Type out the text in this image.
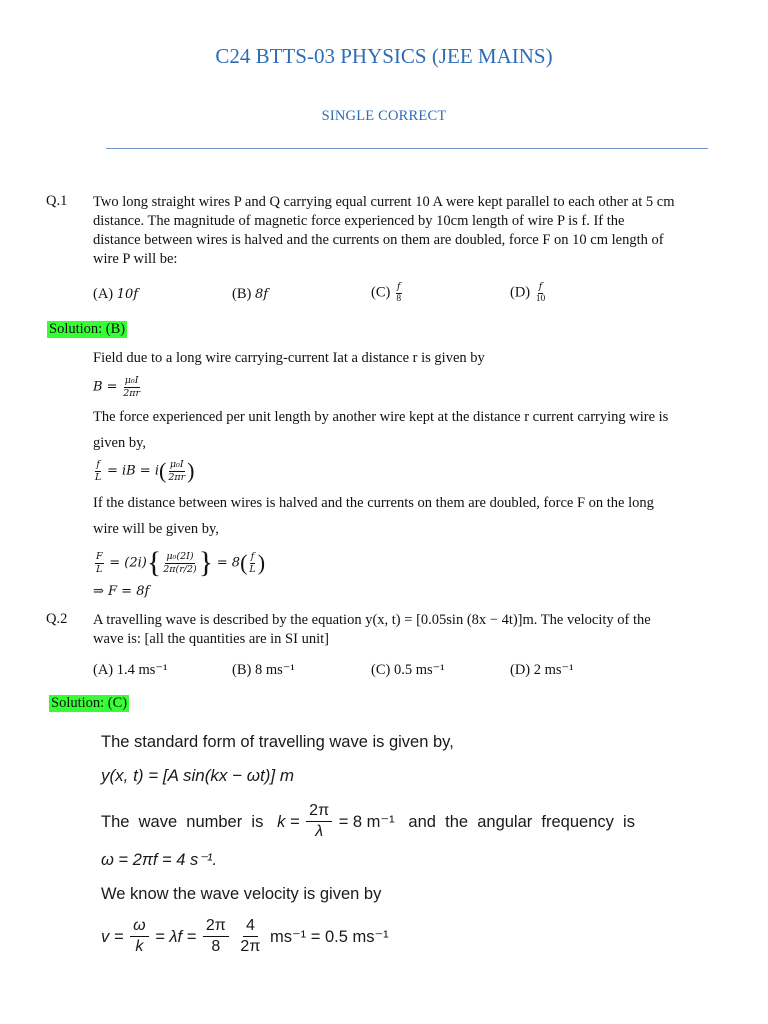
C24 BTTS-03 PHYSICS (JEE MAINS)
SINGLE CORRECT
Q.1 Two long straight wires P and Q carrying equal current 10 A were kept parallel to each other at 5 cm
distance. The magnitude of magnetic force experienced by 10cm length of wire P is f. If the
distance between wires is halved and the currents on them are doubled, force F on 10 cm length of
wire P will be:
(A) 10f	(B) 8f	$(C) \frac{f}{8}$	$(D) \frac{f}{10}$
Solution: (B)
Field due to a long wire carrying-current Iat a distance r is given by
$B = \frac{\text{μ₀I}}{2\pi r}$
The force experienced per unit length by another wire kept at the distance r current carrying wire is
given by,
$\frac{f}{L}$ = iB = $i( \frac{\text{μ₀I}}{2\pi r}$ )
If the distance between wires is halved and the currents on them are doubled, force F on the long
wire will be given by,
$\frac{F}{L} = (2i)\{ \frac{\text{μ₀(2I)}}{2\pi(r/2)}$ } = $8( \frac{f}{L}$ )
⇒ F = 8f
Q.2 A travelling wave is described by the equation y(x, t) = [0.05sin (8x − 4t)]m. The velocity of the
wave is: [all the quantities are in SI unit]
(A) 1.4 ms⁻¹	(B) 8 ms⁻¹	(C) 0.5 ms⁻¹	(D) 2 ms⁻¹
Solution: (C)
The standard form of travelling wave is given by,
y(x, t) = [A sin(kx − ωt)] m
The  wave  number  is $k = \frac{2\pi}{\lambda} = 8$ m⁻¹ and  the  angular  frequency  is
ω = 2πf = 4 s⁻¹.
We know the wave velocity is given by
$v = \frac{\omega}{k} = \lambda f = \frac{2\pi}{8}$
$\frac{4}{2\pi} ms^{-1} = 0.5$ ms⁻¹
